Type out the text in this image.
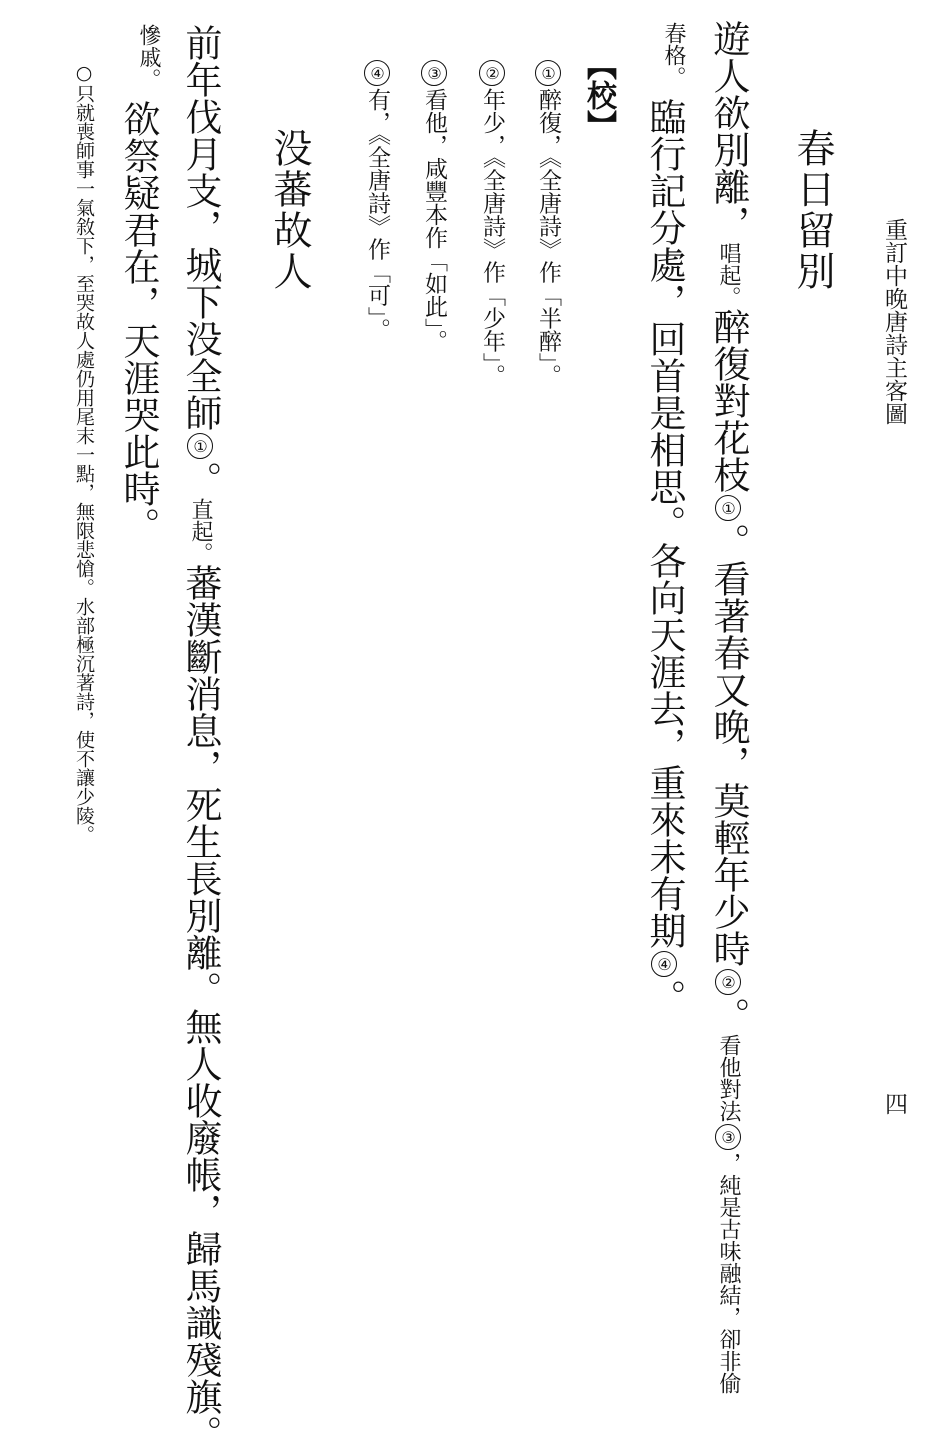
重訂中晚唐詩主客圖
四
春日留別
遊人欲別離，唱起。醉復對花枝①。看著春又晚，莫輕年少時②。看他對法③，純是古味融結，卻非偷
春格。
臨行記分處，回首是相思。各向天涯去，重來未有期④。
【校】
①醉復，《全唐詩》作「半醉」。
②年少，《全唐詩》作「少年」。
③看他，咸豐本作「如此」。
④有，《全唐詩》作「可」。
没蕃故人
前年伐月支，城下没全師①。直起。蕃漢斷消息，死生長別離。無人收廢帳，歸馬識殘旗。
慘戚。
欲祭疑君在，天涯哭此時。
○只就喪師事一氣敘下，至哭故人處仍用尾末一點，無限悲愴。水部極沉著詩，使不讓少陵。
